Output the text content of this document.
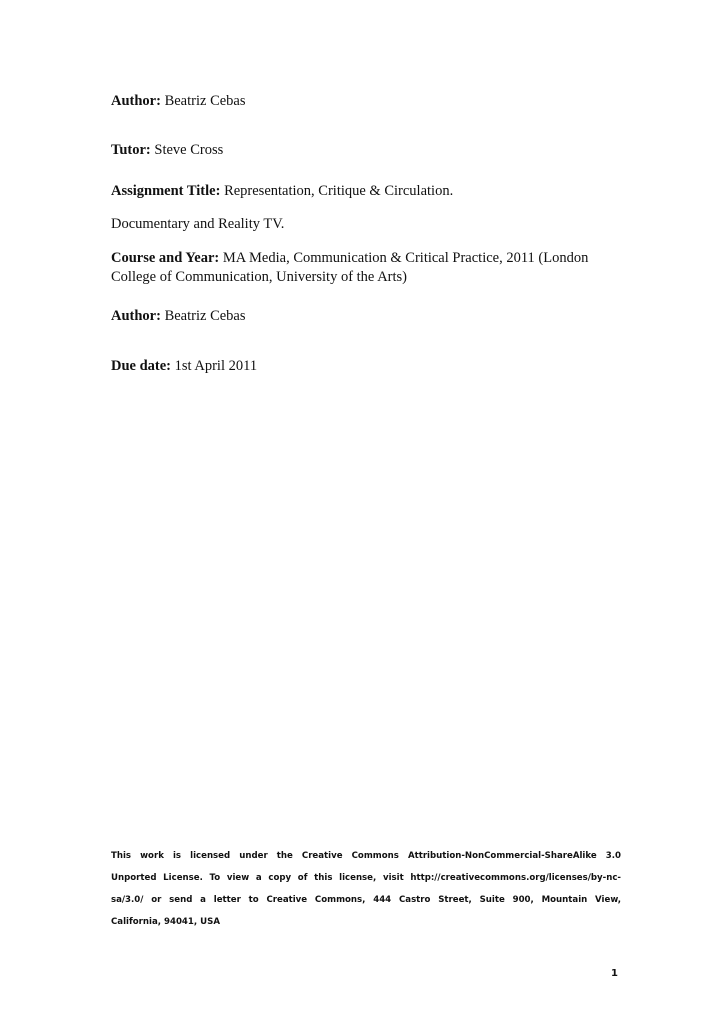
Author: Beatriz Cebas
Tutor: Steve Cross
Assignment Title: Representation, Critique & Circulation.
Documentary and Reality TV.
Course and Year: MA Media, Communication & Critical Practice, 2011 (London
College of Communication, University of the Arts)
Author: Beatriz Cebas
Due date: 1st April 2011
This work is licensed under the Creative Commons Attribution-NonCommercial-ShareAlike 3.0
Unported License. To view a copy of this license, visit http://creativecommons.org/licenses/by-nc-
sa/3.0/ or send a letter to Creative Commons, 444 Castro Street, Suite 900, Mountain View,
California, 94041, USA
1
